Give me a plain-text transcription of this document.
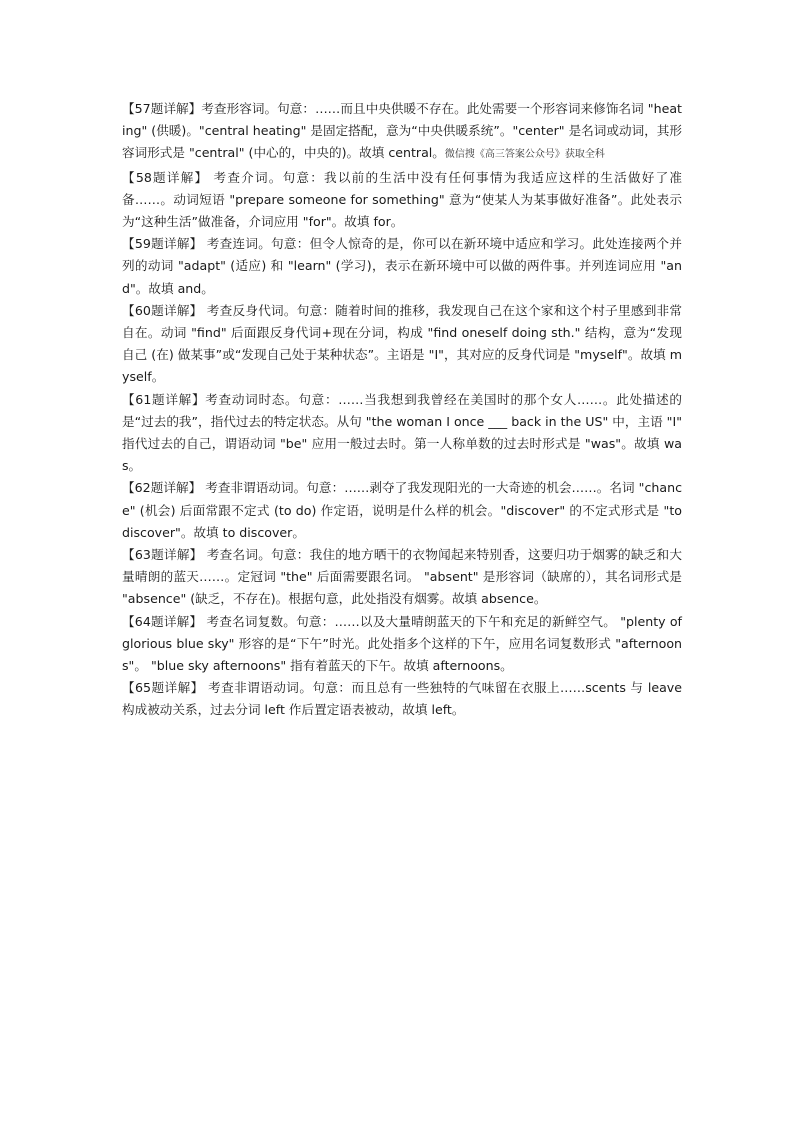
【57题详解】考查形容词。句意：……而且中央供暖不存在。此处需要一个形容词来修饰名词 "heating" (供暖)。"central heating" 是固定搭配，意为“中央供暖系统”。"center" 是名词或动词，其形容词形式是 "central" (中心的，中央的)。故填 central。微信搜《高三答案公众号》获取全科

【58题详解】 考查介词。句意：我以前的生活中没有任何事情为我适应这样的生活做好了准备……。动词短语 "prepare someone for something" 意为“使某人为某事做好准备”。此处表示为“这种生活”做准备，介词应用 "for"。故填 for。

【59题详解】 考查连词。句意：但令人惊奇的是，你可以在新环境中适应和学习。此处连接两个并列的动词 "adapt" (适应) 和 "learn" (学习)，表示在新环境中可以做的两件事。并列连词应用 "and"。故填 and。

【60题详解】 考查反身代词。句意：随着时间的推移，我发现自己在这个家和这个村子里感到非常自在。动词 "find" 后面跟反身代词+现在分词，构成 "find oneself doing sth." 结构，意为“发现自己 (在) 做某事”或“发现自己处于某种状态”。主语是 "I"，其对应的反身代词是 "myself"。故填 myself。

【61题详解】考查动词时态。句意：……当我想到我曾经在美国时的那个女人……。此处描述的是“过去的我”，指代过去的特定状态。从句 "the woman I once ___ back in the US" 中，主语 "I" 指代过去的自己，谓语动词 "be" 应用一般过去时。第一人称单数的过去时形式是 "was"。故填 was。

【62题详解】 考查非谓语动词。句意：……剥夺了我发现阳光的一大奇迹的机会……。名词 "chance" (机会) 后面常跟不定式 (to do) 作定语，说明是什么样的机会。"discover" 的不定式形式是 "to discover"。故填 to discover。

【63题详解】 考查名词。句意：我住的地方晒干的衣物闻起来特别香，这要归功于烟雾的缺乏和大量晴朗的蓝天……。定冠词 "the" 后面需要跟名词。 "absent" 是形容词（缺席的），其名词形式是 "absence" (缺乏，不存在)。根据句意，此处指没有烟雾。故填 absence。

【64题详解】 考查名词复数。句意：……以及大量晴朗蓝天的下午和充足的新鲜空气。 "plenty of glorious blue sky" 形容的是“下午”时光。此处指多个这样的下午，应用名词复数形式 "afternoons"。 "blue sky afternoons" 指有着蓝天的下午。故填 afternoons。

【65题详解】 考查非谓语动词。句意：而且总有一些独特的气味留在衣服上……scents 与 leave 构成被动关系，过去分词 left 作后置定语表被动，故填 left。
